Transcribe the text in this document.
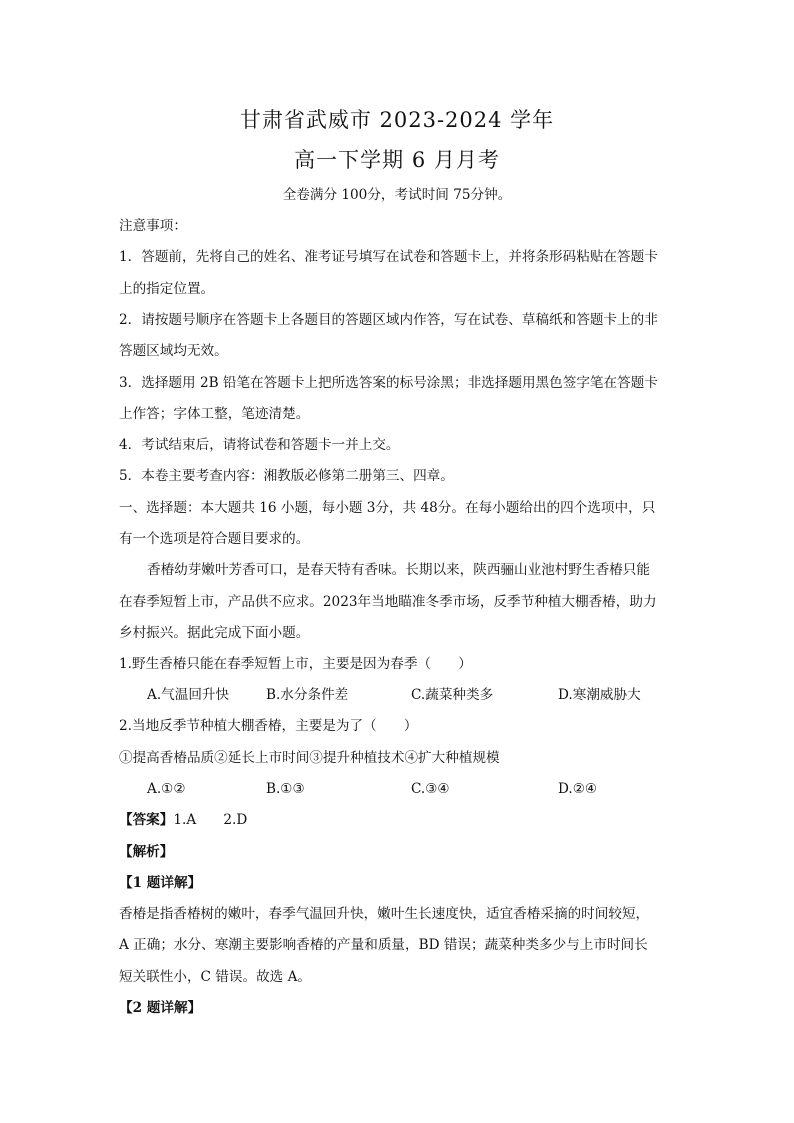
甘肃省武威市 2023-2024 学年
高一下学期 6 月月考
全卷满分 100分，考试时间 75分钟。
注意事项：
1．答题前，先将自己的姓名、准考证号填写在试卷和答题卡上，并将条形码粘贴在答题卡
上的指定位置。
2．请按题号顺序在答题卡上各题目的答题区域内作答，写在试卷、草稿纸和答题卡上的非
答题区域均无效。
3．选择题用 2B 铅笔在答题卡上把所选答案的标号涂黑；非选择题用黑色签字笔在答题卡
上作答；字体工整，笔迹清楚。
4．考试结束后，请将试卷和答题卡一并上交。
5．本卷主要考查内容：湘教版必修第二册第三、四章。
一、选择题：本大题共 16 小题，每小题 3分，共 48分。在每小题给出的四个选项中，只
有一个选项是符合题目要求的。
香椿幼芽嫩叶芳香可口，是春天特有香味。长期以来，陕西骊山业池村野生香椿只能
在春季短暂上市，产品供不应求。2023年当地瞄准冬季市场，反季节种植大棚香椿，助力
乡村振兴。据此完成下面小题。
1.野生香椿只能在春季短暂上市，主要是因为春季（　　）
A.气温回升快	B.水分条件差	C.蔬菜种类多	D.寒潮威胁大
2.当地反季节种植大棚香椿，主要是为了（　　）
①提高香椿品质②延长上市时间③提升种植技术④扩大种植规模
A.①②	B.①③	C.③④	D.②④
【答案】1.A　　2.D
【解析】
【1 题详解】
香椿是指香椿树的嫩叶，春季气温回升快，嫩叶生长速度快，适宜香椿采摘的时间较短，
A 正确；水分、寒潮主要影响香椿的产量和质量，BD 错误；蔬菜种类多少与上市时间长
短关联性小，C 错误。故选 A。
【2 题详解】
